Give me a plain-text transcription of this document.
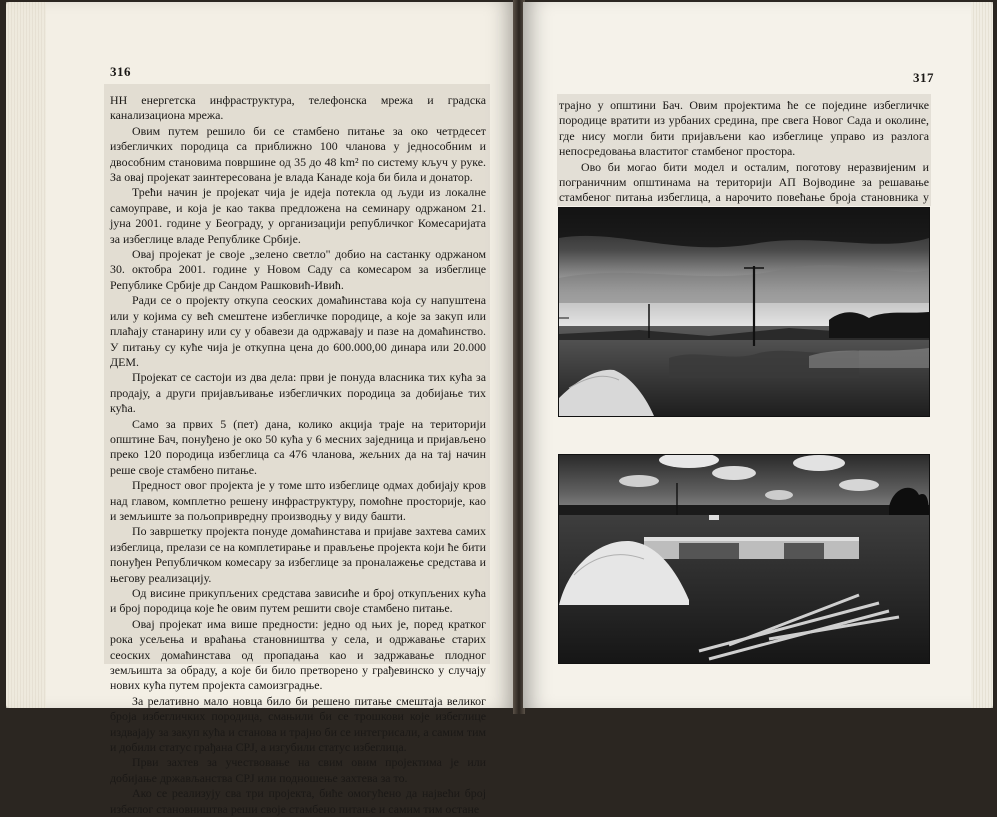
316

НН енергетска инфраструктура, телефонска мрежа и градска канализациона мрежа.

Овим путем решило би се стамбено питање за око четрдесет избегличких породица са приближно 100 чланова у једнособним и двособним становима површине од 35 до 48 km² по систему кључ у руке. За овај пројекат заинтересована је влада Канаде која би била и донатор.

Трећи начин је пројекат чија је идеја потекла од људи из локалне самоуправе, и која је као таква предложена на семинару одржаном 21. јуна 2001. године у Београду, у организацији републичког Комесаријата за избеглице владе Републике Србије.

Овај пројекат је своје „зелено светло" добио на састанку одржаном 30. октобра 2001. године у Новом Саду са комесаром за избеглице Републике Србије др Сандом Рашковић-Ивић.

Ради се о пројекту откупа сеоских домаћинстава која су напуштена или у којима су већ смештене избегличке породице, а које за закуп или плаћају станарину или су у обавези да одржавају и пазе на домаћинство. У питању су куће чија је откупна цена до 600.000,00 динара или 20.000 ДЕМ.

Пројекат се састоји из два дела: први је понуда власника тих кућа за продају, а други пријављивање избегличких породица за добијање тих кућа.

Само за првих 5 (пет) дана, колико акција траје на територији општине Бач, понуђено је око 50 кућа у 6 месних заједница и пријављено преко 120 породица избеглица са 476 чланова, жељних да на тај начин реше своје стамбено питање.

Предност овог пројекта је у томе што избеглице одмах добијају кров над главом, комплетно решену инфраструктуру, помоћне просторије, као и земљиште за пољопривредну производњу у виду башти.

По завршетку пројекта понуде домаћинстава и пријаве захтева самих избеглица, прелази се на комплетирање и прављење пројекта који ће бити понуђен Републичком комесару за избеглице за проналажење средстава и његову реализацију.

Од висине прикупљених средстава зависиће и број откупљених кућа и број породица које ће овим путем решити своје стамбено питање.

Овај пројекат има више предности: једно од њих је, поред кратког рока усељења и враћања становништва у села, и одржавање старих сеоских домаћинстава од пропадања као и задржавање плодног земљишта за обраду, а које би било претворено у грађевинско у случају нових кућа путем пројекта самоизградње.

За релативно мало новца било би решено питање смештаја великог броја избегличких породица, смањили би се трошкови које избеглице издвајају за закуп кућа и станова и трајно би се интегрисали, а самим тим и добили статус грађана СРЈ, а изгубили статус избеглица.

Први захтев за учествовање на свим овим пројектима је или добијање држављанства СРЈ или подношење захтева за то.

Ако се реализују сва три пројекта, биће омогућено да највећи број избеглог становништва реши своје стамбено питање и самим тим остане

317

трајно у општини Бач. Овим пројектима ће се поједине избегличке породице вратити из урбаних средина, пре свега Новог Сада и околине, где нису могли бити пријављени као избеглице управо из разлога непосредовања властитог стамбеног простора.

Ово би могао бити модел и осталим, поготову неразвијеним и пограничним општинама на територији АП Војводине за решавање стамбеног питања избеглица, а нарочито повећање броја становника у
